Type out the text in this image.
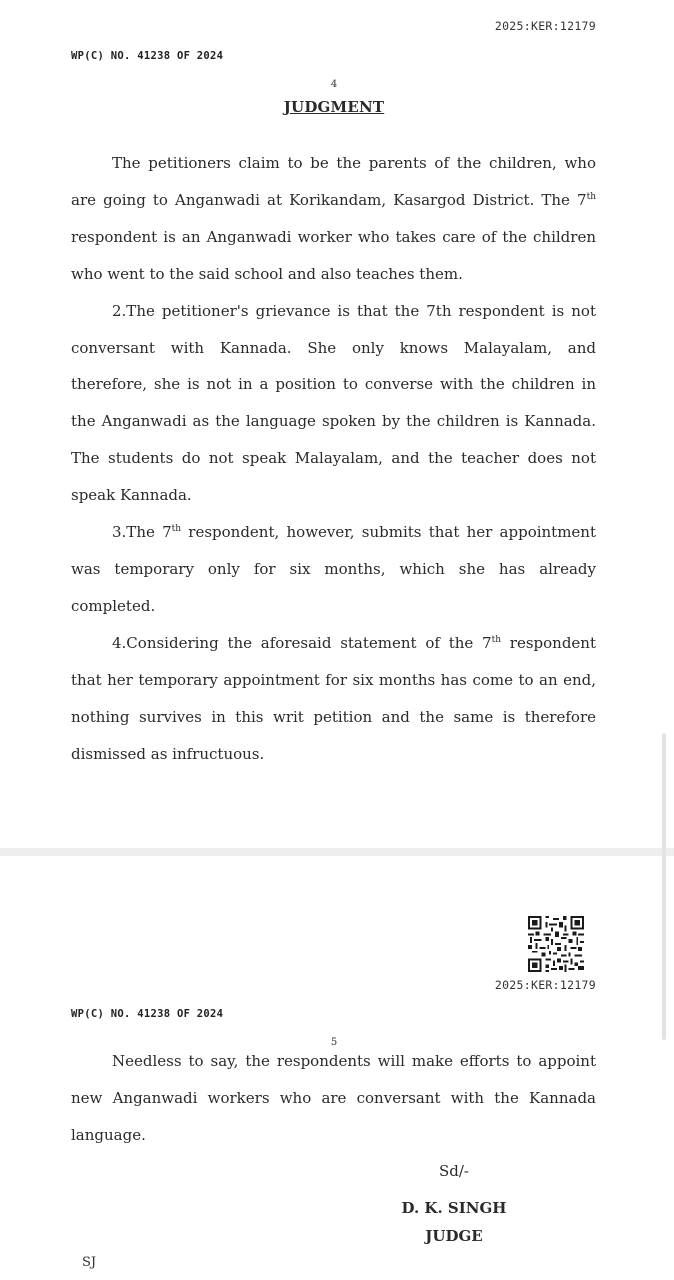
2025:KER:12179
WP(C) NO. 41238 OF 2024
4
JUDGMENT

The petitioners claim to be the parents of the children, who are going to Anganwadi at Korikandam, Kasargod District. The 7th respondent is an Anganwadi worker who takes care of the children who went to the said school and also teaches them.

2.The petitioner's grievance is that the 7th respondent is not conversant with Kannada. She only knows Malayalam, and therefore, she is not in a position to converse with the children in the Anganwadi as the language spoken by the children is Kannada. The students do not speak Malayalam, and the teacher does not speak Kannada.

3.The 7th respondent, however, submits that her appointment was temporary only for six months, which she has already completed.

4.Considering the aforesaid statement of the 7th respondent that her temporary appointment for six months has come to an end, nothing survives in this writ petition and the same is therefore dismissed as infructuous.

2025:KER:12179
WP(C) NO. 41238 OF 2024
5

Needless to say, the respondents will make efforts to appoint new Anganwadi workers who are conversant with the Kannada language.

Sd/-
D. K. SINGH
JUDGE
SJ
